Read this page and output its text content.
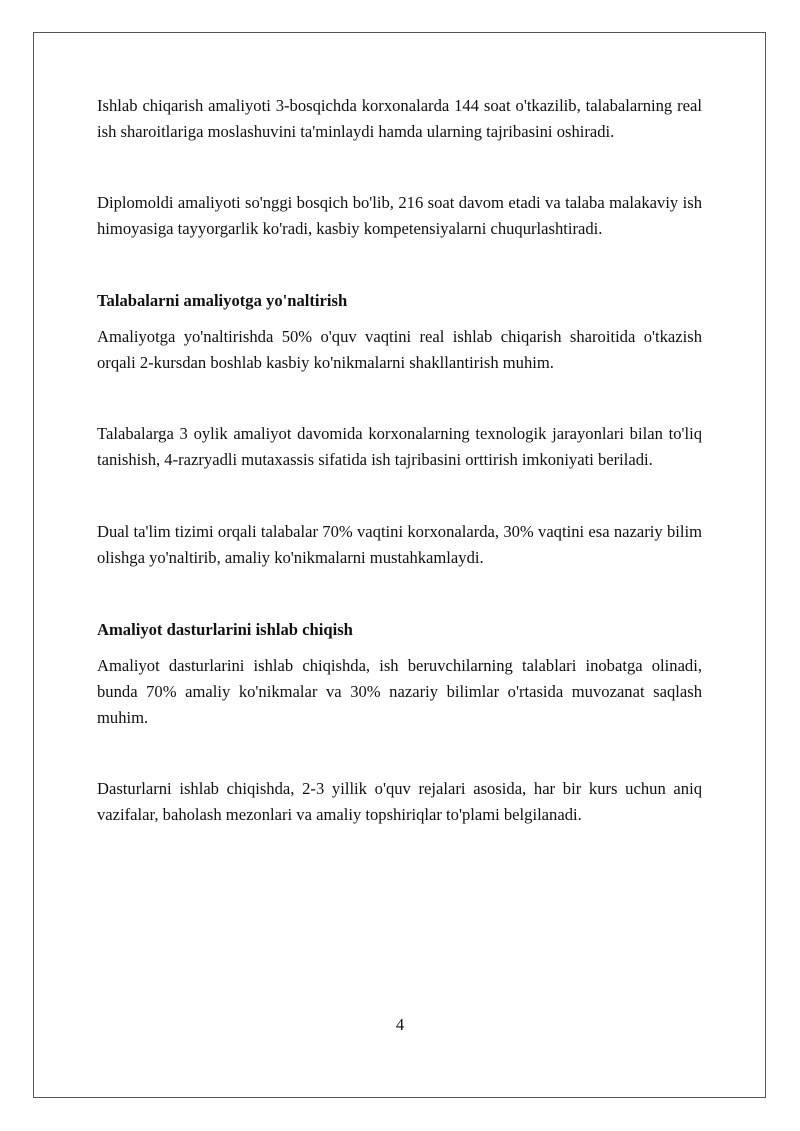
Ishlab chiqarish amaliyoti 3-bosqichda korxonalarda 144 soat o'tkazilib, talabalarning real ish sharoitlariga moslashuvini ta'minlaydi hamda ularning tajribasini oshiradi.

Diplomoldi amaliyoti so'nggi bosqich bo'lib, 216 soat davom etadi va talaba malakaviy ish himoyasiga tayyorgarlik ko'radi, kasbiy kompetensiyalarni chuqurlashtiradi.

Talabalarni amaliyotga yo'naltirish

Amaliyotga yo'naltirishda 50% o'quv vaqtini real ishlab chiqarish sharoitida o'tkazish orqali 2-kursdan boshlab kasbiy ko'nikmalarni shakllantirish muhim.

Talabalarga 3 oylik amaliyot davomida korxonalarning texnologik jarayonlari bilan to'liq tanishish, 4-razryadli mutaxassis sifatida ish tajribasini orttirish imkoniyati beriladi.

Dual ta'lim tizimi orqali talabalar 70% vaqtini korxonalarda, 30% vaqtini esa nazariy bilim olishga yo'naltirib, amaliy ko'nikmalarni mustahkamlaydi.

Amaliyot dasturlarini ishlab chiqish

Amaliyot dasturlarini ishlab chiqishda, ish beruvchilarning talablari inobatga olinadi, bunda 70% amaliy ko'nikmalar va 30% nazariy bilimlar o'rtasida muvozanat saqlash muhim.

Dasturlarni ishlab chiqishda, 2-3 yillik o'quv rejalari asosida, har bir kurs uchun aniq vazifalar, baholash mezonlari va amaliy topshiriqlar to'plami belgilanadi.

4
